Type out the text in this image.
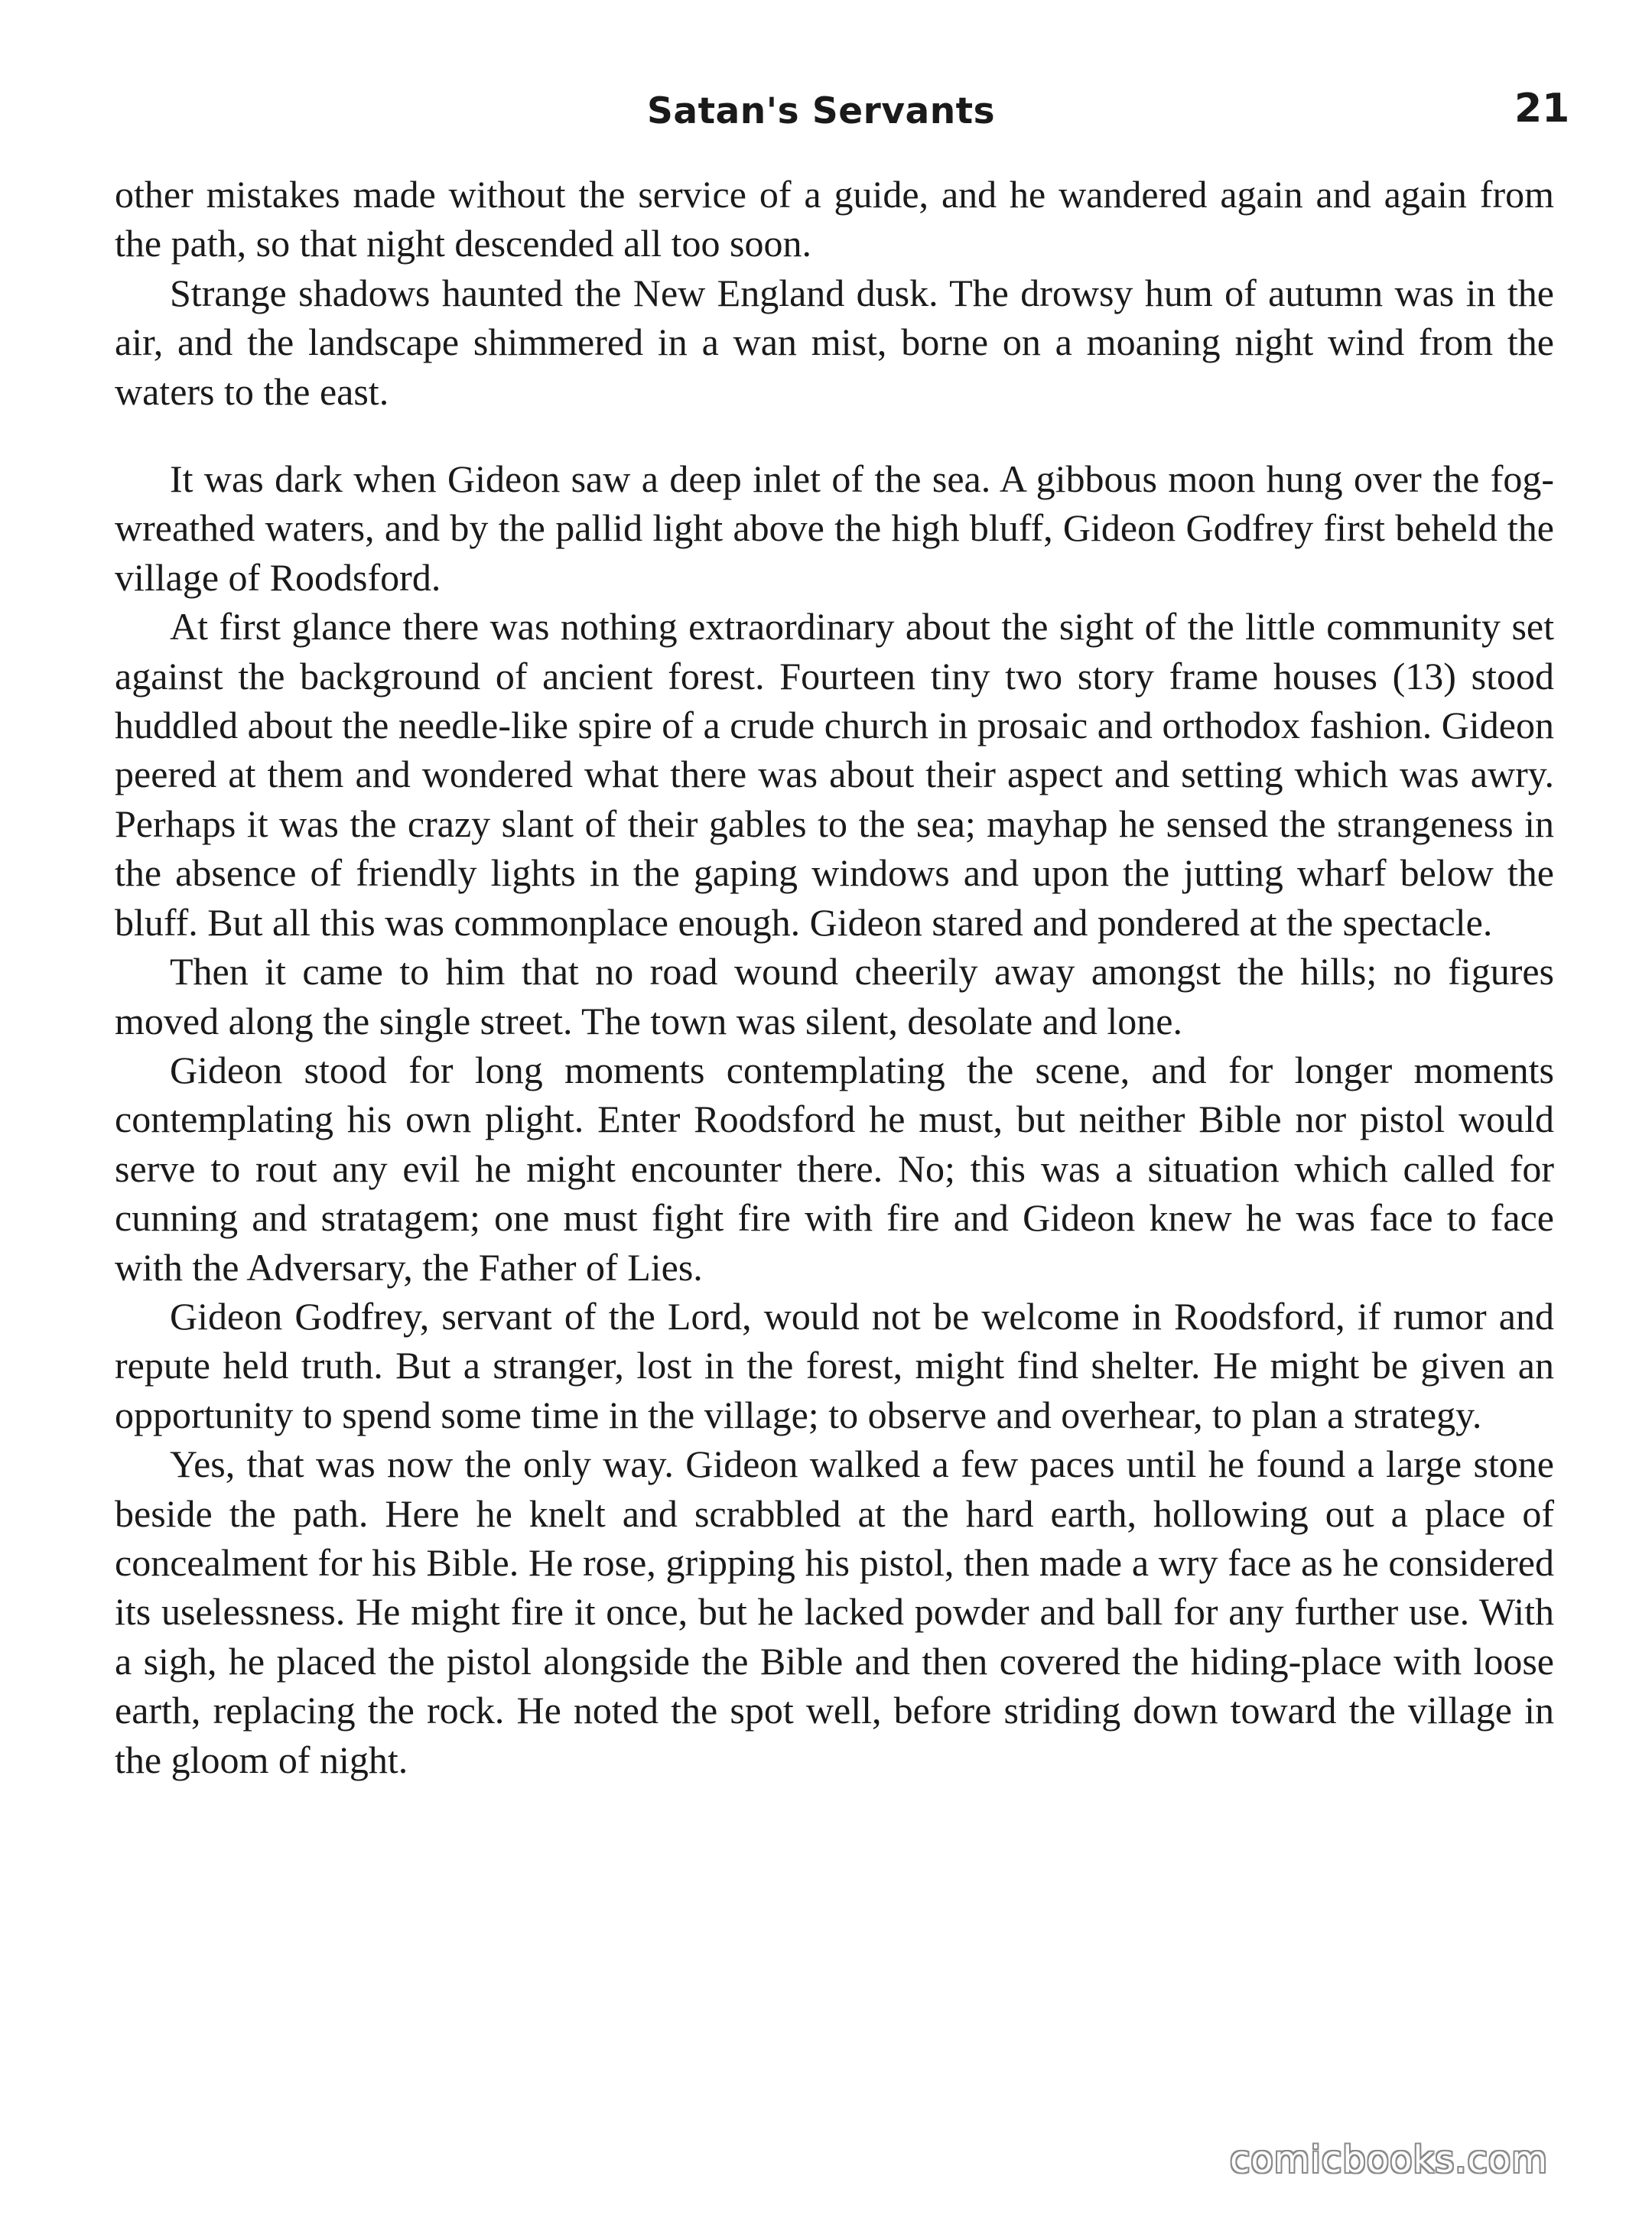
Satan's Servants	21

other mistakes made without the service of a guide, and he wandered again and again from the path, so that night descended all too soon.

Strange shadows haunted the New England dusk. The drowsy hum of autumn was in the air, and the landscape shimmered in a wan mist, borne on a moaning night wind from the waters to the east.

It was dark when Gideon saw a deep inlet of the sea. A gibbous moon hung over the fog-wreathed waters, and by the pallid light above the high bluff, Gideon Godfrey first beheld the village of Roodsford.

At first glance there was nothing extraordinary about the sight of the little community set against the background of ancient forest. Fourteen tiny two story frame houses (13) stood huddled about the needle-like spire of a crude church in prosaic and orthodox fashion. Gideon peered at them and wondered what there was about their aspect and setting which was awry. Perhaps it was the crazy slant of their gables to the sea; mayhap he sensed the strangeness in the absence of friendly lights in the gaping windows and upon the jutting wharf below the bluff. But all this was commonplace enough. Gideon stared and pondered at the spectacle.

Then it came to him that no road wound cheerily away amongst the hills; no figures moved along the single street. The town was silent, desolate and lone.

Gideon stood for long moments contemplating the scene, and for longer moments contemplating his own plight. Enter Roodsford he must, but neither Bible nor pistol would serve to rout any evil he might encounter there. No; this was a situation which called for cunning and stratagem; one must fight fire with fire and Gideon knew he was face to face with the Adversary, the Father of Lies.

Gideon Godfrey, servant of the Lord, would not be welcome in Roodsford, if rumor and repute held truth. But a stranger, lost in the forest, might find shelter. He might be given an opportunity to spend some time in the village; to observe and overhear, to plan a strategy.

Yes, that was now the only way. Gideon walked a few paces until he found a large stone beside the path. Here he knelt and scrabbled at the hard earth, hollowing out a place of concealment for his Bible. He rose, gripping his pistol, then made a wry face as he considered its uselessness. He might fire it once, but he lacked powder and ball for any further use. With a sigh, he placed the pistol alongside the Bible and then covered the hiding-place with loose earth, replacing the rock. He noted the spot well, before striding down toward the village in the gloom of night.

comicbooks.com
